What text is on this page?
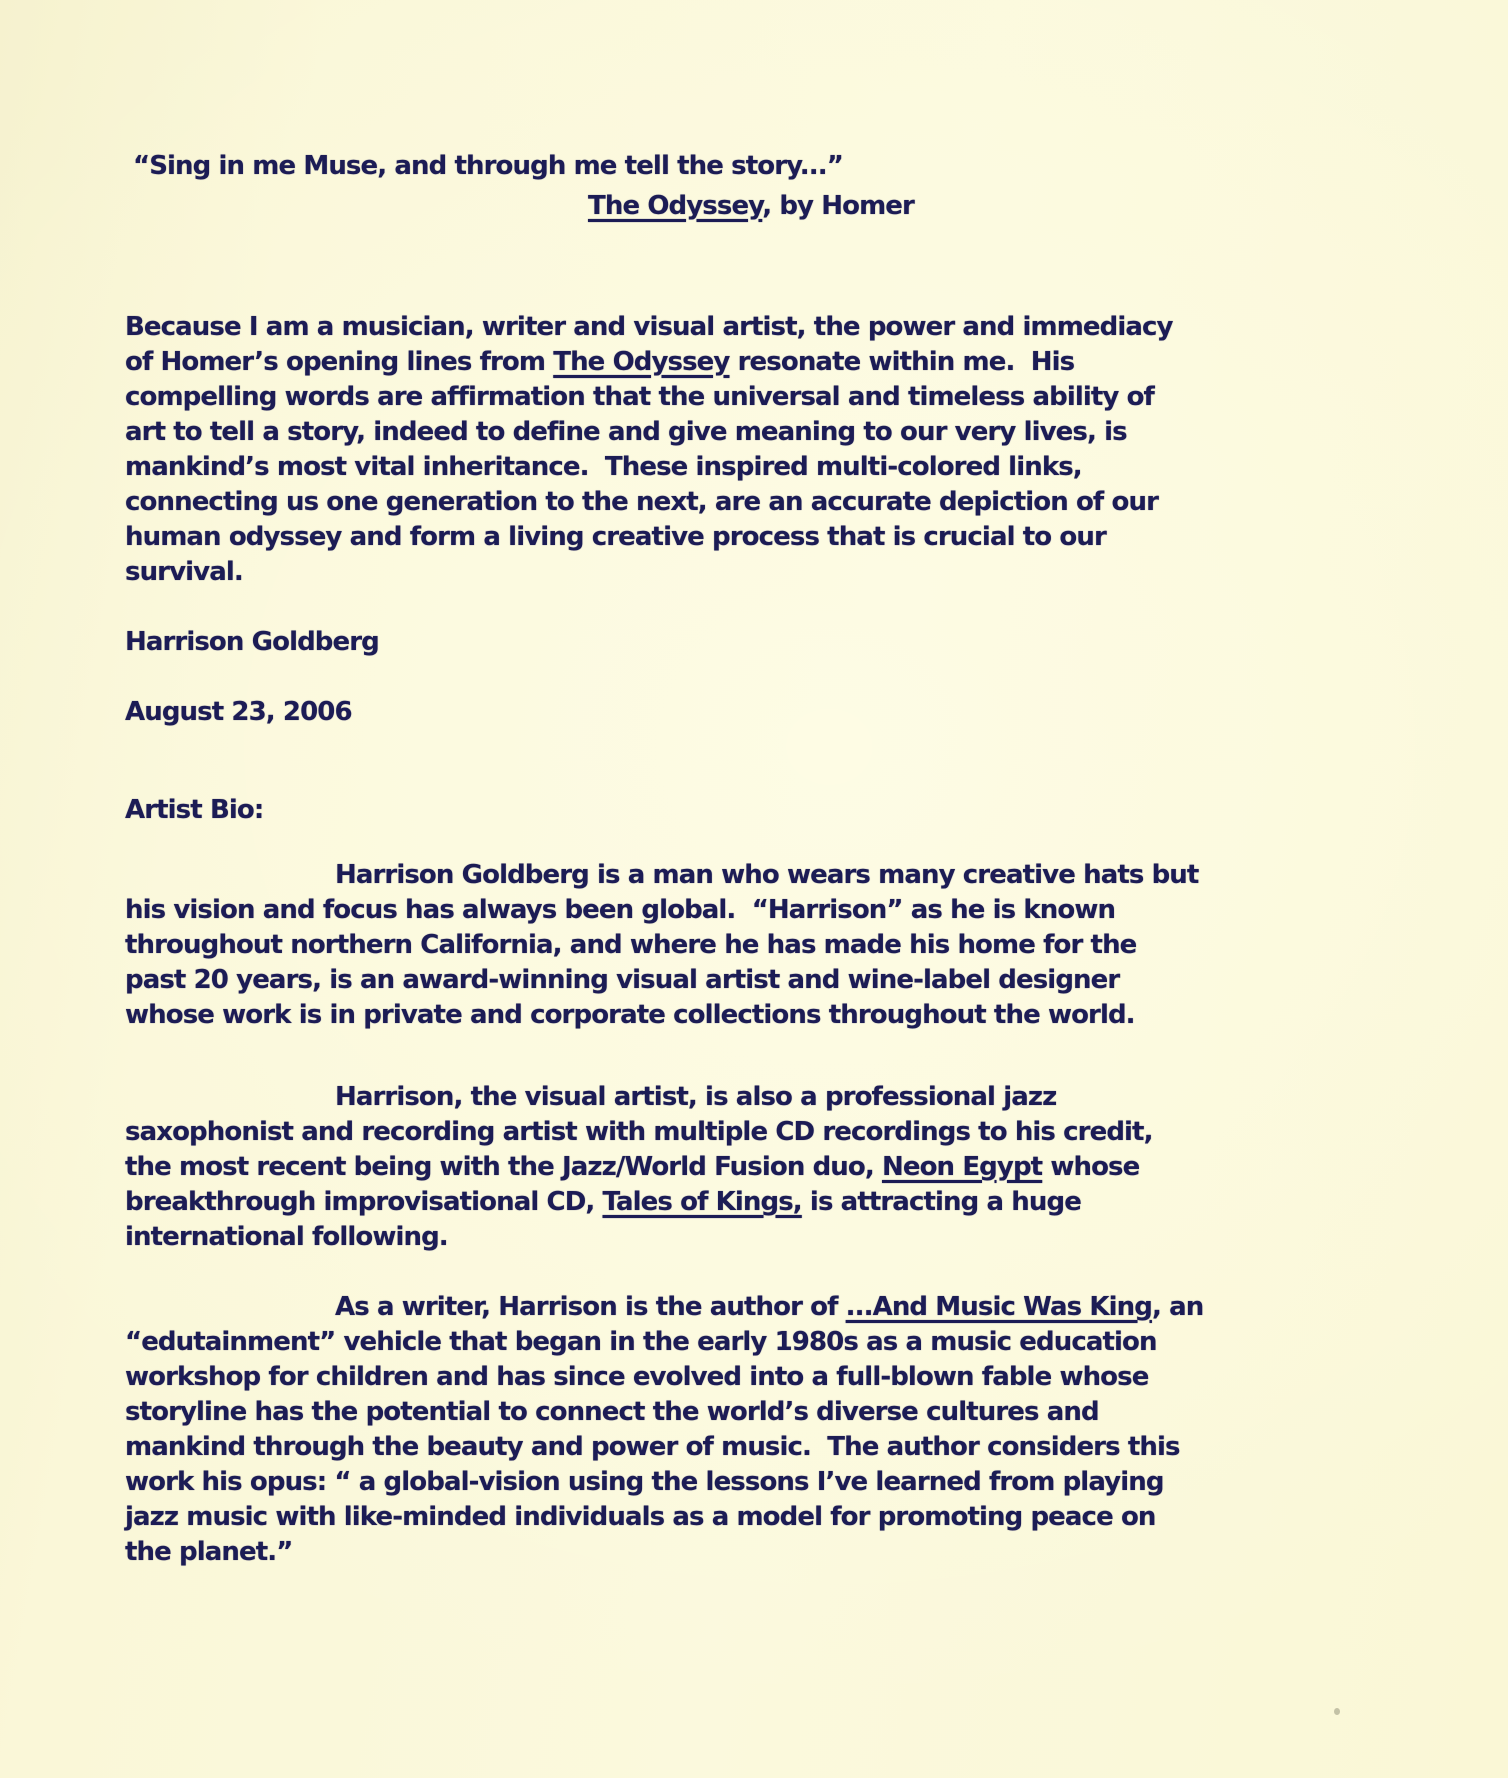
“Sing in me Muse, and through me tell the story...”
The Odyssey, by Homer
Because I am a musician, writer and visual artist, the power and immediacy
of Homer’s opening lines from The Odyssey resonate within me.  His
compelling words are affirmation that the universal and timeless ability of
art to tell a story, indeed to define and give meaning to our very lives, is
mankind’s most vital inheritance.  These inspired multi-colored links,
connecting us one generation to the next, are an accurate depiction of our
human odyssey and form a living creative process that is crucial to our
survival.
Harrison Goldberg
August 23, 2006
Artist Bio:
Harrison Goldberg is a man who wears many creative hats but
his vision and focus has always been global.  “Harrison” as he is known
throughout northern California, and where he has made his home for the
past 20 years, is an award-winning visual artist and wine-label designer
whose work is in private and corporate collections throughout the world.
Harrison, the visual artist, is also a professional jazz
saxophonist and recording artist with multiple CD recordings to his credit,
the most recent being with the Jazz/World Fusion duo, Neon Egypt whose
breakthrough improvisational CD, Tales of Kings, is attracting a huge
international following.
As a writer, Harrison is the author of ...And Music Was King, an
“edutainment” vehicle that began in the early 1980s as a music education
workshop for children and has since evolved into a full-blown fable whose
storyline has the potential to connect the world’s diverse cultures and
mankind through the beauty and power of music.  The author considers this
work his opus: “ a global-vision using the lessons I’ve learned from playing
jazz music with like-minded individuals as a model for promoting peace on
the planet.”
